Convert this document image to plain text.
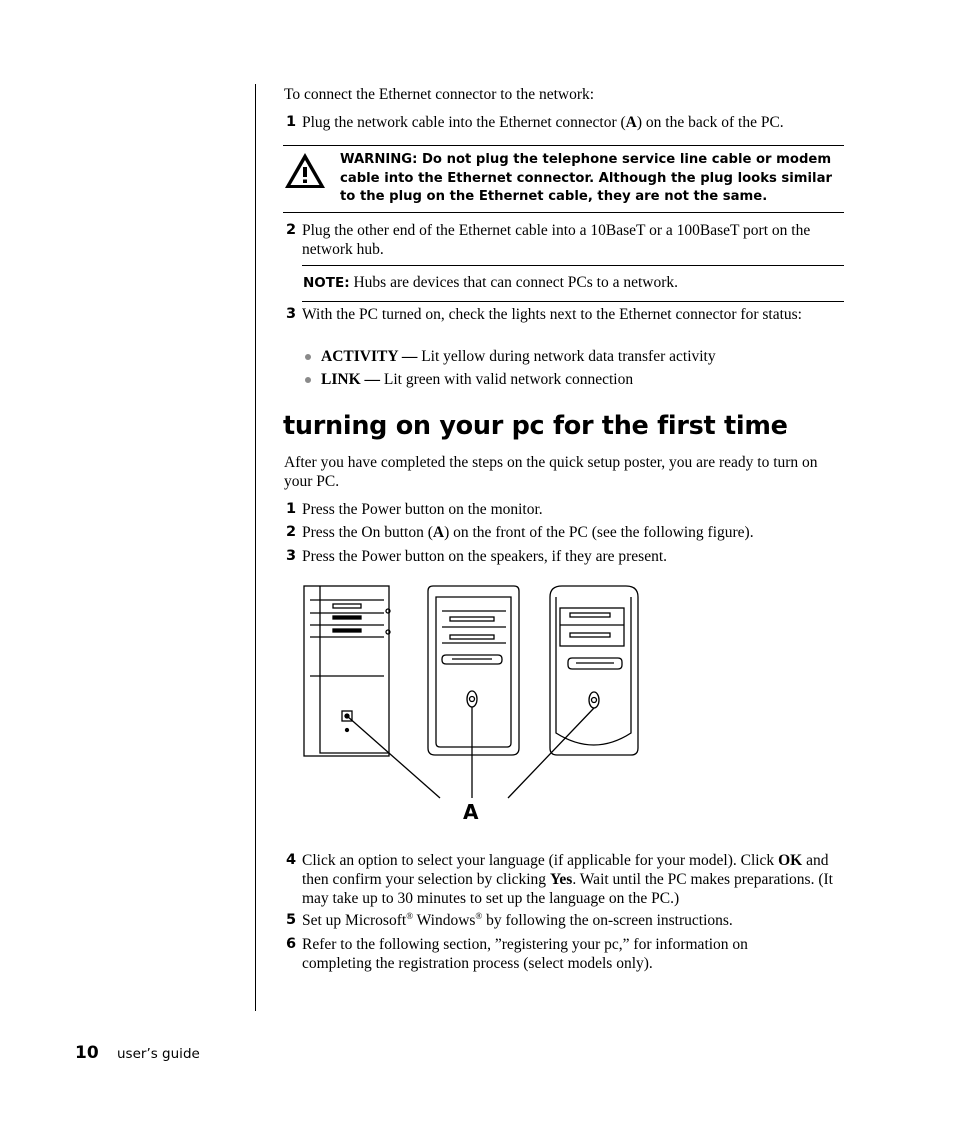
To connect the Ethernet connector to the network:
1 Plug the network cable into the Ethernet connector (A) on the back of the PC.
WARNING: Do not plug the telephone service line cable or modem cable into the Ethernet connector. Although the plug looks similar to the plug on the Ethernet cable, they are not the same.
2 Plug the other end of the Ethernet cable into a 10BaseT or a 100BaseT port on the network hub.
NOTE: Hubs are devices that can connect PCs to a network.
3 With the PC turned on, check the lights next to the Ethernet connector for status:
ACTIVITY — Lit yellow during network data transfer activity
LINK — Lit green with valid network connection
turning on your pc for the first time
After you have completed the steps on the quick setup poster, you are ready to turn on your PC.
1 Press the Power button on the monitor.
2 Press the On button (A) on the front of the PC (see the following figure).
3 Press the Power button on the speakers, if they are present.
A
4 Click an option to select your language (if applicable for your model). Click OK and then confirm your selection by clicking Yes. Wait until the PC makes preparations. (It may take up to 30 minutes to set up the language on the PC.)
5 Set up Microsoft® Windows® by following the on-screen instructions.
6 Refer to the following section, ”registering your pc,” for information on completing the registration process (select models only).
10 user’s guide
